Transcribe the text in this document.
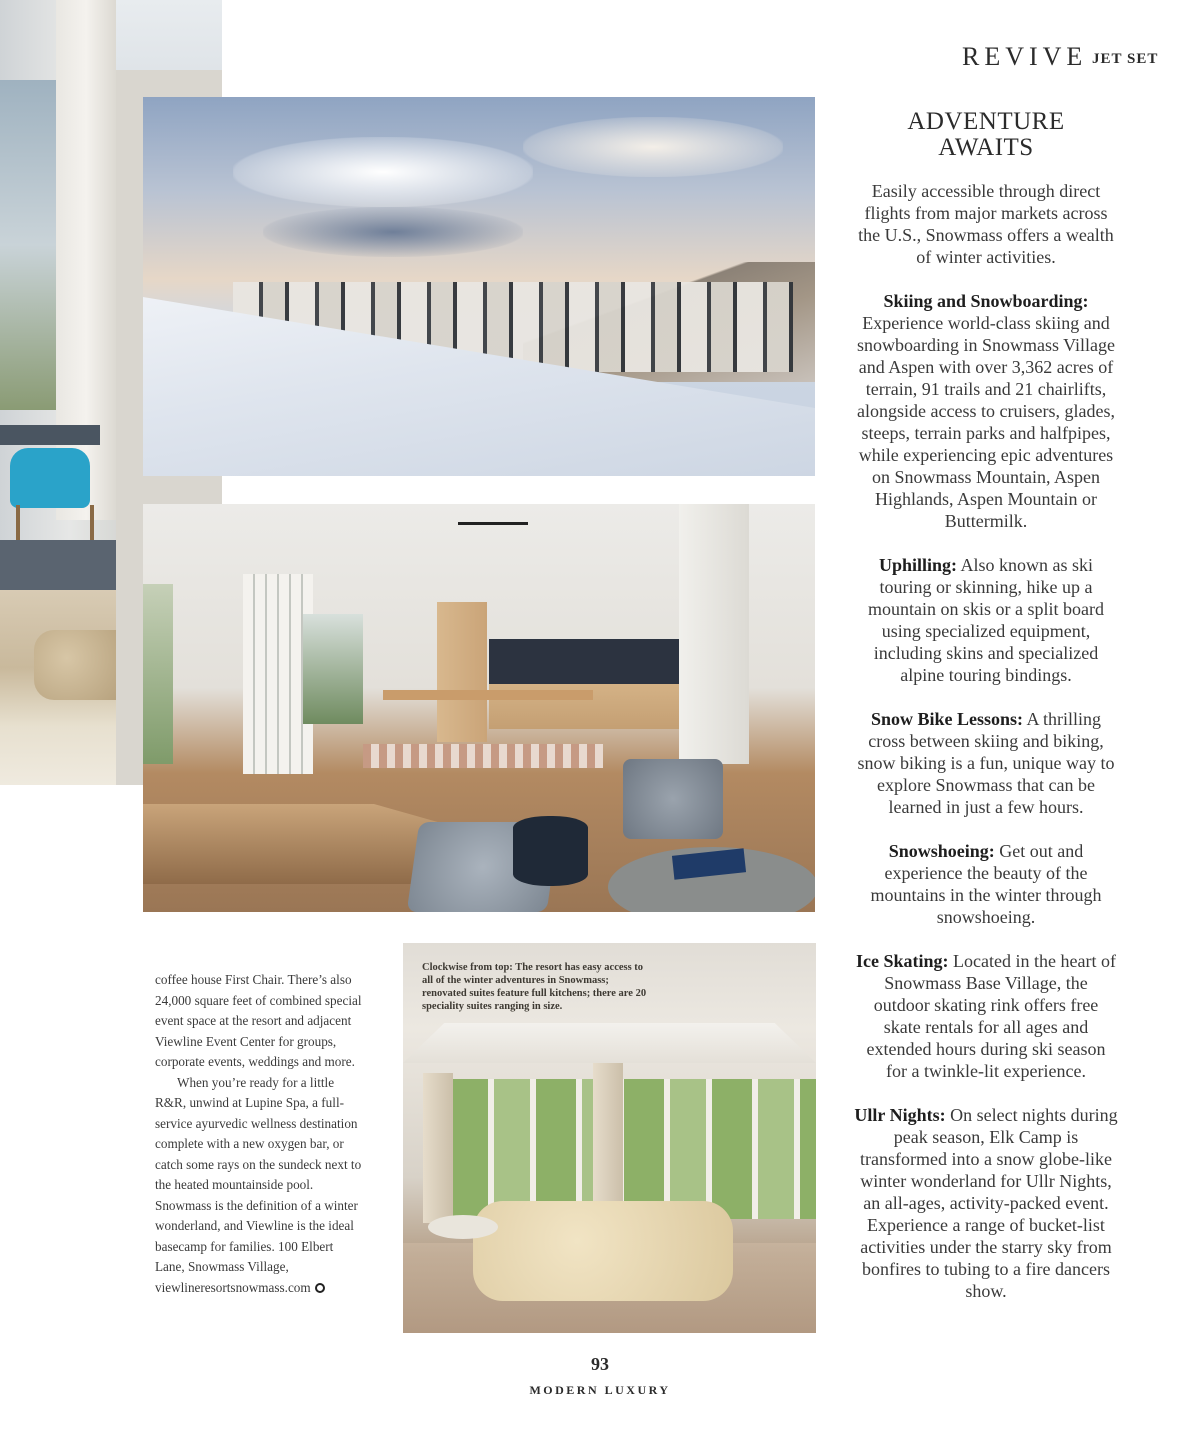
REVIVE JET SET
Clockwise from top: The resort has easy access to all of the winter adventures in Snowmass; renovated suites feature full kitchens; there are 20 speciality suites ranging in size.
ADVENTURE
AWAITS

Easily accessible through direct flights from major markets across the U.S., Snowmass offers a wealth of winter activities.

Skiing and Snowboarding: Experience world-class skiing and snowboarding in Snowmass Village and Aspen with over 3,362 acres of terrain, 91 trails and 21 chairlifts, alongside access to cruisers, glades, steeps, terrain parks and halfpipes, while experiencing epic adventures on Snowmass Mountain, Aspen Highlands, Aspen Mountain or Buttermilk.

Uphilling: Also known as ski touring or skinning, hike up a mountain on skis or a split board using specialized equipment, including skins and specialized alpine touring bindings.

Snow Bike Lessons: A thrilling cross between skiing and biking, snow biking is a fun, unique way to explore Snowmass that can be learned in just a few hours.

Snowshoeing: Get out and experience the beauty of the mountains in the winter through snowshoeing.

Ice Skating: Located in the heart of Snowmass Base Village, the outdoor skating rink offers free skate rentals for all ages and extended hours during ski season for a twinkle-lit experience.

Ullr Nights: On select nights during peak season, Elk Camp is transformed into a snow globe-like winter wonderland for Ullr Nights, an all-ages, activity-packed event. Experience a range of bucket-list activities under the starry sky from bonfires to tubing to a fire dancers show.

coffee house First Chair. There’s also 24,000 square feet of combined special event space at the resort and adjacent Viewline Event Center for groups, corporate events, weddings and more.

When you’re ready for a little R&R, unwind at Lupine Spa, a full-service ayurvedic wellness destination complete with a new oxygen bar, or catch some rays on the sundeck next to the heated mountainside pool. Snowmass is the definition of a winter wonderland, and Viewline is the ideal basecamp for families. 100 Elbert Lane, Snowmass Village, viewlineresortsnowmass.com

93
MODERN LUXURY
